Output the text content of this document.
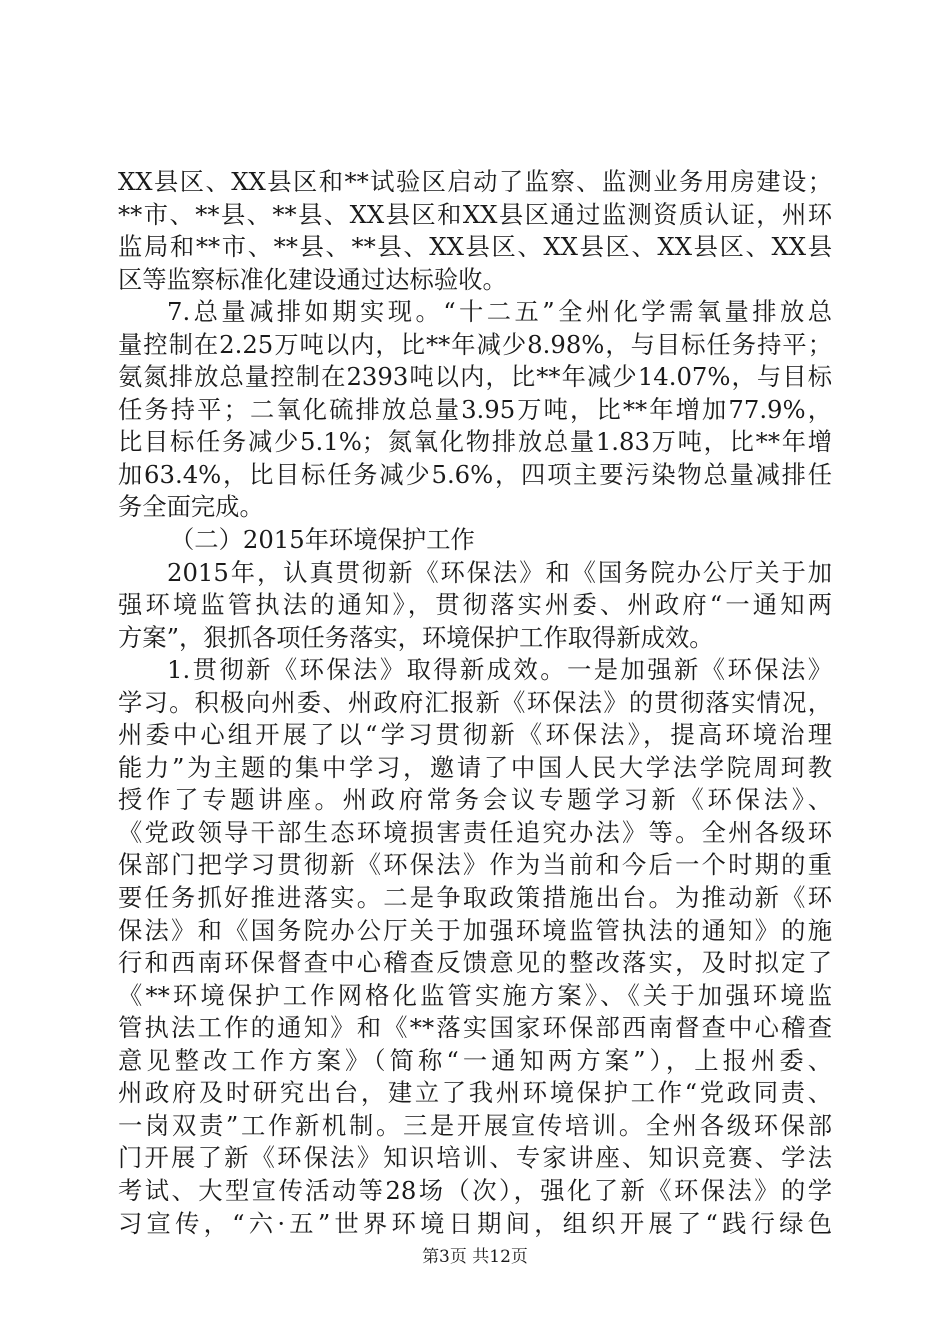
XX县区、XX县区和**试验区启动了监察、监测业务用房建设；
**市、**县、**县、XX县区和XX县区通过监测资质认证，州环
监局和**市、**县、**县、XX县区、XX县区、XX县区、XX县
区等监察标准化建设通过达标验收。
7.总量减排如期实现。“十二五”全州化学需氧量排放总
量控制在2.25万吨以内，比**年减少8.98%，与目标任务持平；
氨氮排放总量控制在2393吨以内，比**年减少14.07%，与目标
任务持平；二氧化硫排放总量3.95万吨，比**年增加77.9%，
比目标任务减少5.1%；氮氧化物排放总量1.83万吨，比**年增
加63.4%，比目标任务减少5.6%，四项主要污染物总量减排任
务全面完成。
（二）2015年环境保护工作
2015年，认真贯彻新《环保法》和《国务院办公厅关于加
强环境监管执法的通知》，贯彻落实州委、州政府“一通知两
方案”，狠抓各项任务落实，环境保护工作取得新成效。
1.贯彻新《环保法》取得新成效。一是加强新《环保法》
学习。积极向州委、州政府汇报新《环保法》的贯彻落实情况，
州委中心组开展了以“学习贯彻新《环保法》，提高环境治理
能力”为主题的集中学习，邀请了中国人民大学法学院周珂教
授作了专题讲座。州政府常务会议专题学习新《环保法》、
《党政领导干部生态环境损害责任追究办法》等。全州各级环
保部门把学习贯彻新《环保法》作为当前和今后一个时期的重
要任务抓好推进落实。二是争取政策措施出台。为推动新《环
保法》和《国务院办公厅关于加强环境监管执法的通知》的施
行和西南环保督查中心稽查反馈意见的整改落实，及时拟定了
《**环境保护工作网格化监管实施方案》、《关于加强环境监
管执法工作的通知》和《**落实国家环保部西南督查中心稽查
意见整改工作方案》（简称“一通知两方案”），上报州委、
州政府及时研究出台，建立了我州环境保护工作“党政同责、
一岗双责”工作新机制。三是开展宣传培训。全州各级环保部
门开展了新《环保法》知识培训、专家讲座、知识竞赛、学法
考试、大型宣传活动等28场（次），强化了新《环保法》的学
习宣传，“六·五”世界环境日期间，组织开展了“践行绿色
第3页 共12页
